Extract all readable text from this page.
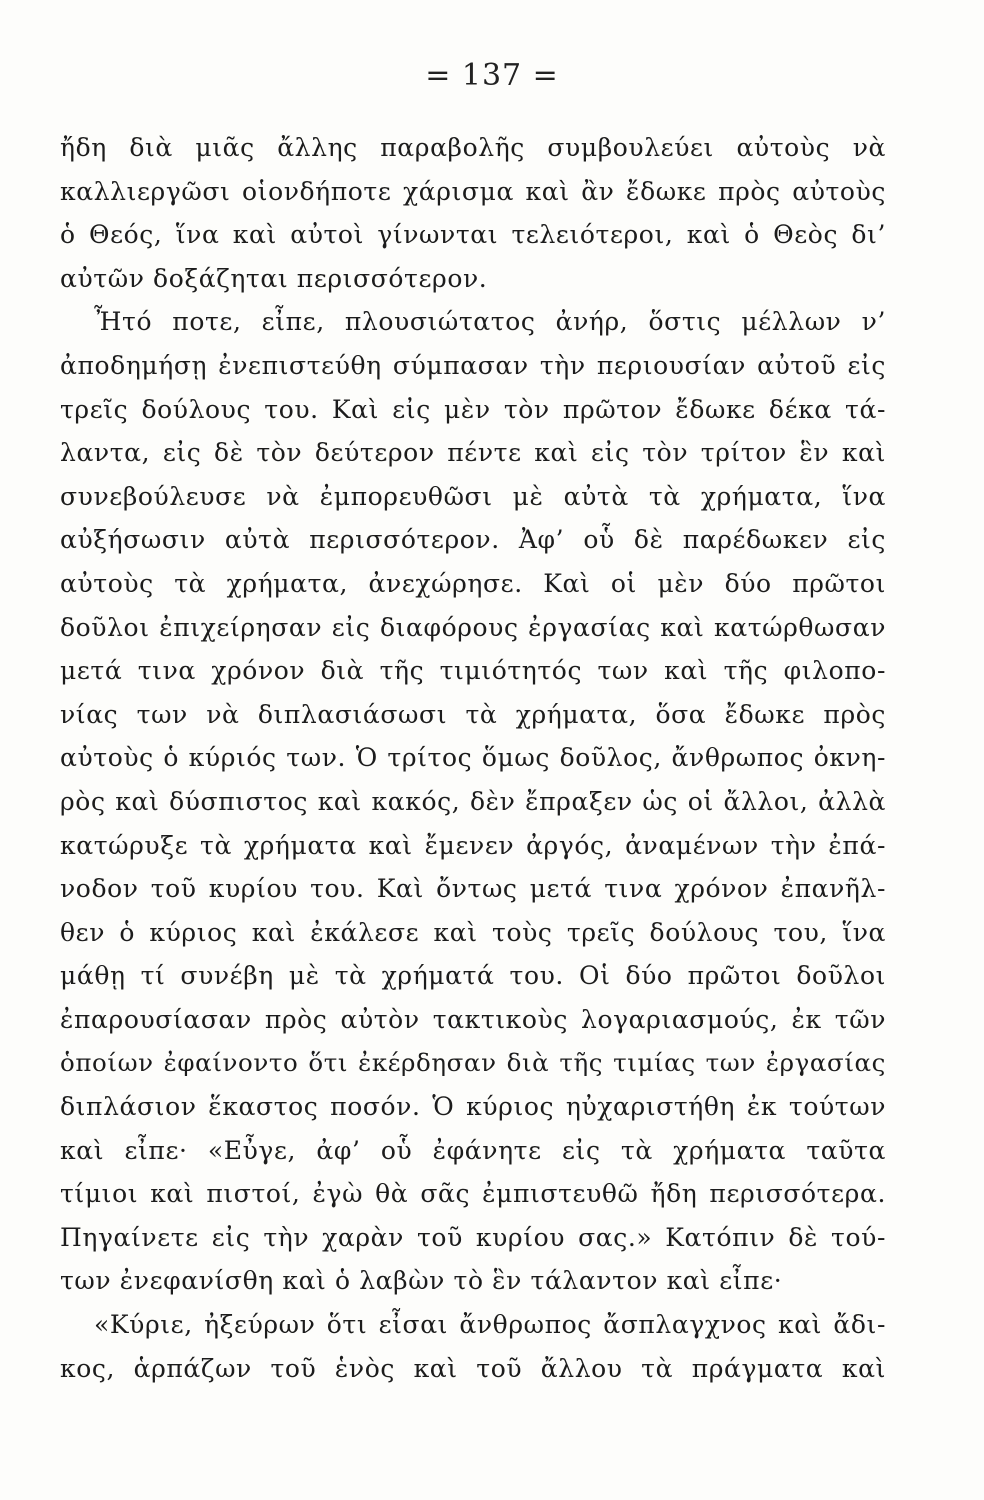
= 137 =
ἤδη διὰ μιᾶς ἄλλης παραβολῆς συμβουλεύει αὐτοὺς νὰ
καλλιεργῶσι οἱονδήποτε χάρισμα καὶ ἂν ἔδωκε πρὸς αὐτοὺς
ὁ Θεός, ἵνα καὶ αὐτοὶ γίνωνται τελειότεροι, καὶ ὁ Θεὸς δι’
αὐτῶν δοξάζηται περισσότερον.
Ἦτό ποτε, εἶπε, πλουσιώτατος ἀνήρ, ὅστις μέλλων ν’
ἀποδημήσῃ ἐνεπιστεύθη σύμπασαν τὴν περιουσίαν αὐτοῦ εἰς
τρεῖς δούλους του. Καὶ εἰς μὲν τὸν πρῶτον ἔδωκε δέκα τά-
λαντα, εἰς δὲ τὸν δεύτερον πέντε καὶ εἰς τὸν τρίτον ἓν καὶ
συνεβούλευσε νὰ ἐμπορευθῶσι μὲ αὐτὰ τὰ χρήματα, ἵνα
αὐξήσωσιν αὐτὰ περισσότερον. Ἀφ’ οὗ δὲ παρέδωκεν εἰς
αὐτοὺς τὰ χρήματα, ἀνεχώρησε. Καὶ οἱ μὲν δύο πρῶτοι
δοῦλοι ἐπιχείρησαν εἰς διαφόρους ἐργασίας καὶ κατώρθωσαν
μετά τινα χρόνον διὰ τῆς τιμιότητός των καὶ τῆς φιλοπο-
νίας των νὰ διπλασιάσωσι τὰ χρήματα, ὅσα ἔδωκε πρὸς
αὐτοὺς ὁ κύριός των. Ὁ τρίτος ὅμως δοῦλος, ἄνθρωπος ὀκνη-
ρὸς καὶ δύσπιστος καὶ κακός, δὲν ἔπραξεν ὡς οἱ ἄλλοι, ἀλλὰ
κατώρυξε τὰ χρήματα καὶ ἔμενεν ἀργός, ἀναμένων τὴν ἐπά-
νοδον τοῦ κυρίου του. Καὶ ὄντως μετά τινα χρόνον ἐπανῆλ-
θεν ὁ κύριος καὶ ἐκάλεσε καὶ τοὺς τρεῖς δούλους του, ἵνα
μάθῃ τί συνέβη μὲ τὰ χρήματά του. Οἱ δύο πρῶτοι δοῦλοι
ἐπαρουσίασαν πρὸς αὐτὸν τακτικοὺς λογαριασμούς, ἐκ τῶν
ὁποίων ἐφαίνοντο ὅτι ἐκέρδησαν διὰ τῆς τιμίας των ἐργασίας
διπλάσιον ἕκαστος ποσόν. Ὁ κύριος ηὐχαριστήθη ἐκ τούτων
καὶ εἶπε· «Εὖγε, ἀφ’ οὗ ἐφάνητε εἰς τὰ χρήματα ταῦτα
τίμιοι καὶ πιστοί, ἐγὼ θὰ σᾶς ἐμπιστευθῶ ἤδη περισσότερα.
Πηγαίνετε εἰς τὴν χαρὰν τοῦ κυρίου σας.» Κατόπιν δὲ τού-
των ἐνεφανίσθη καὶ ὁ λαβὼν τὸ ἓν τάλαντον καὶ εἶπε·
«Κύριε, ἠξεύρων ὅτι εἶσαι ἄνθρωπος ἄσπλαγχνος καὶ ἄδι-
κος, ἁρπάζων τοῦ ἑνὸς καὶ τοῦ ἄλλου τὰ πράγματα καὶ
